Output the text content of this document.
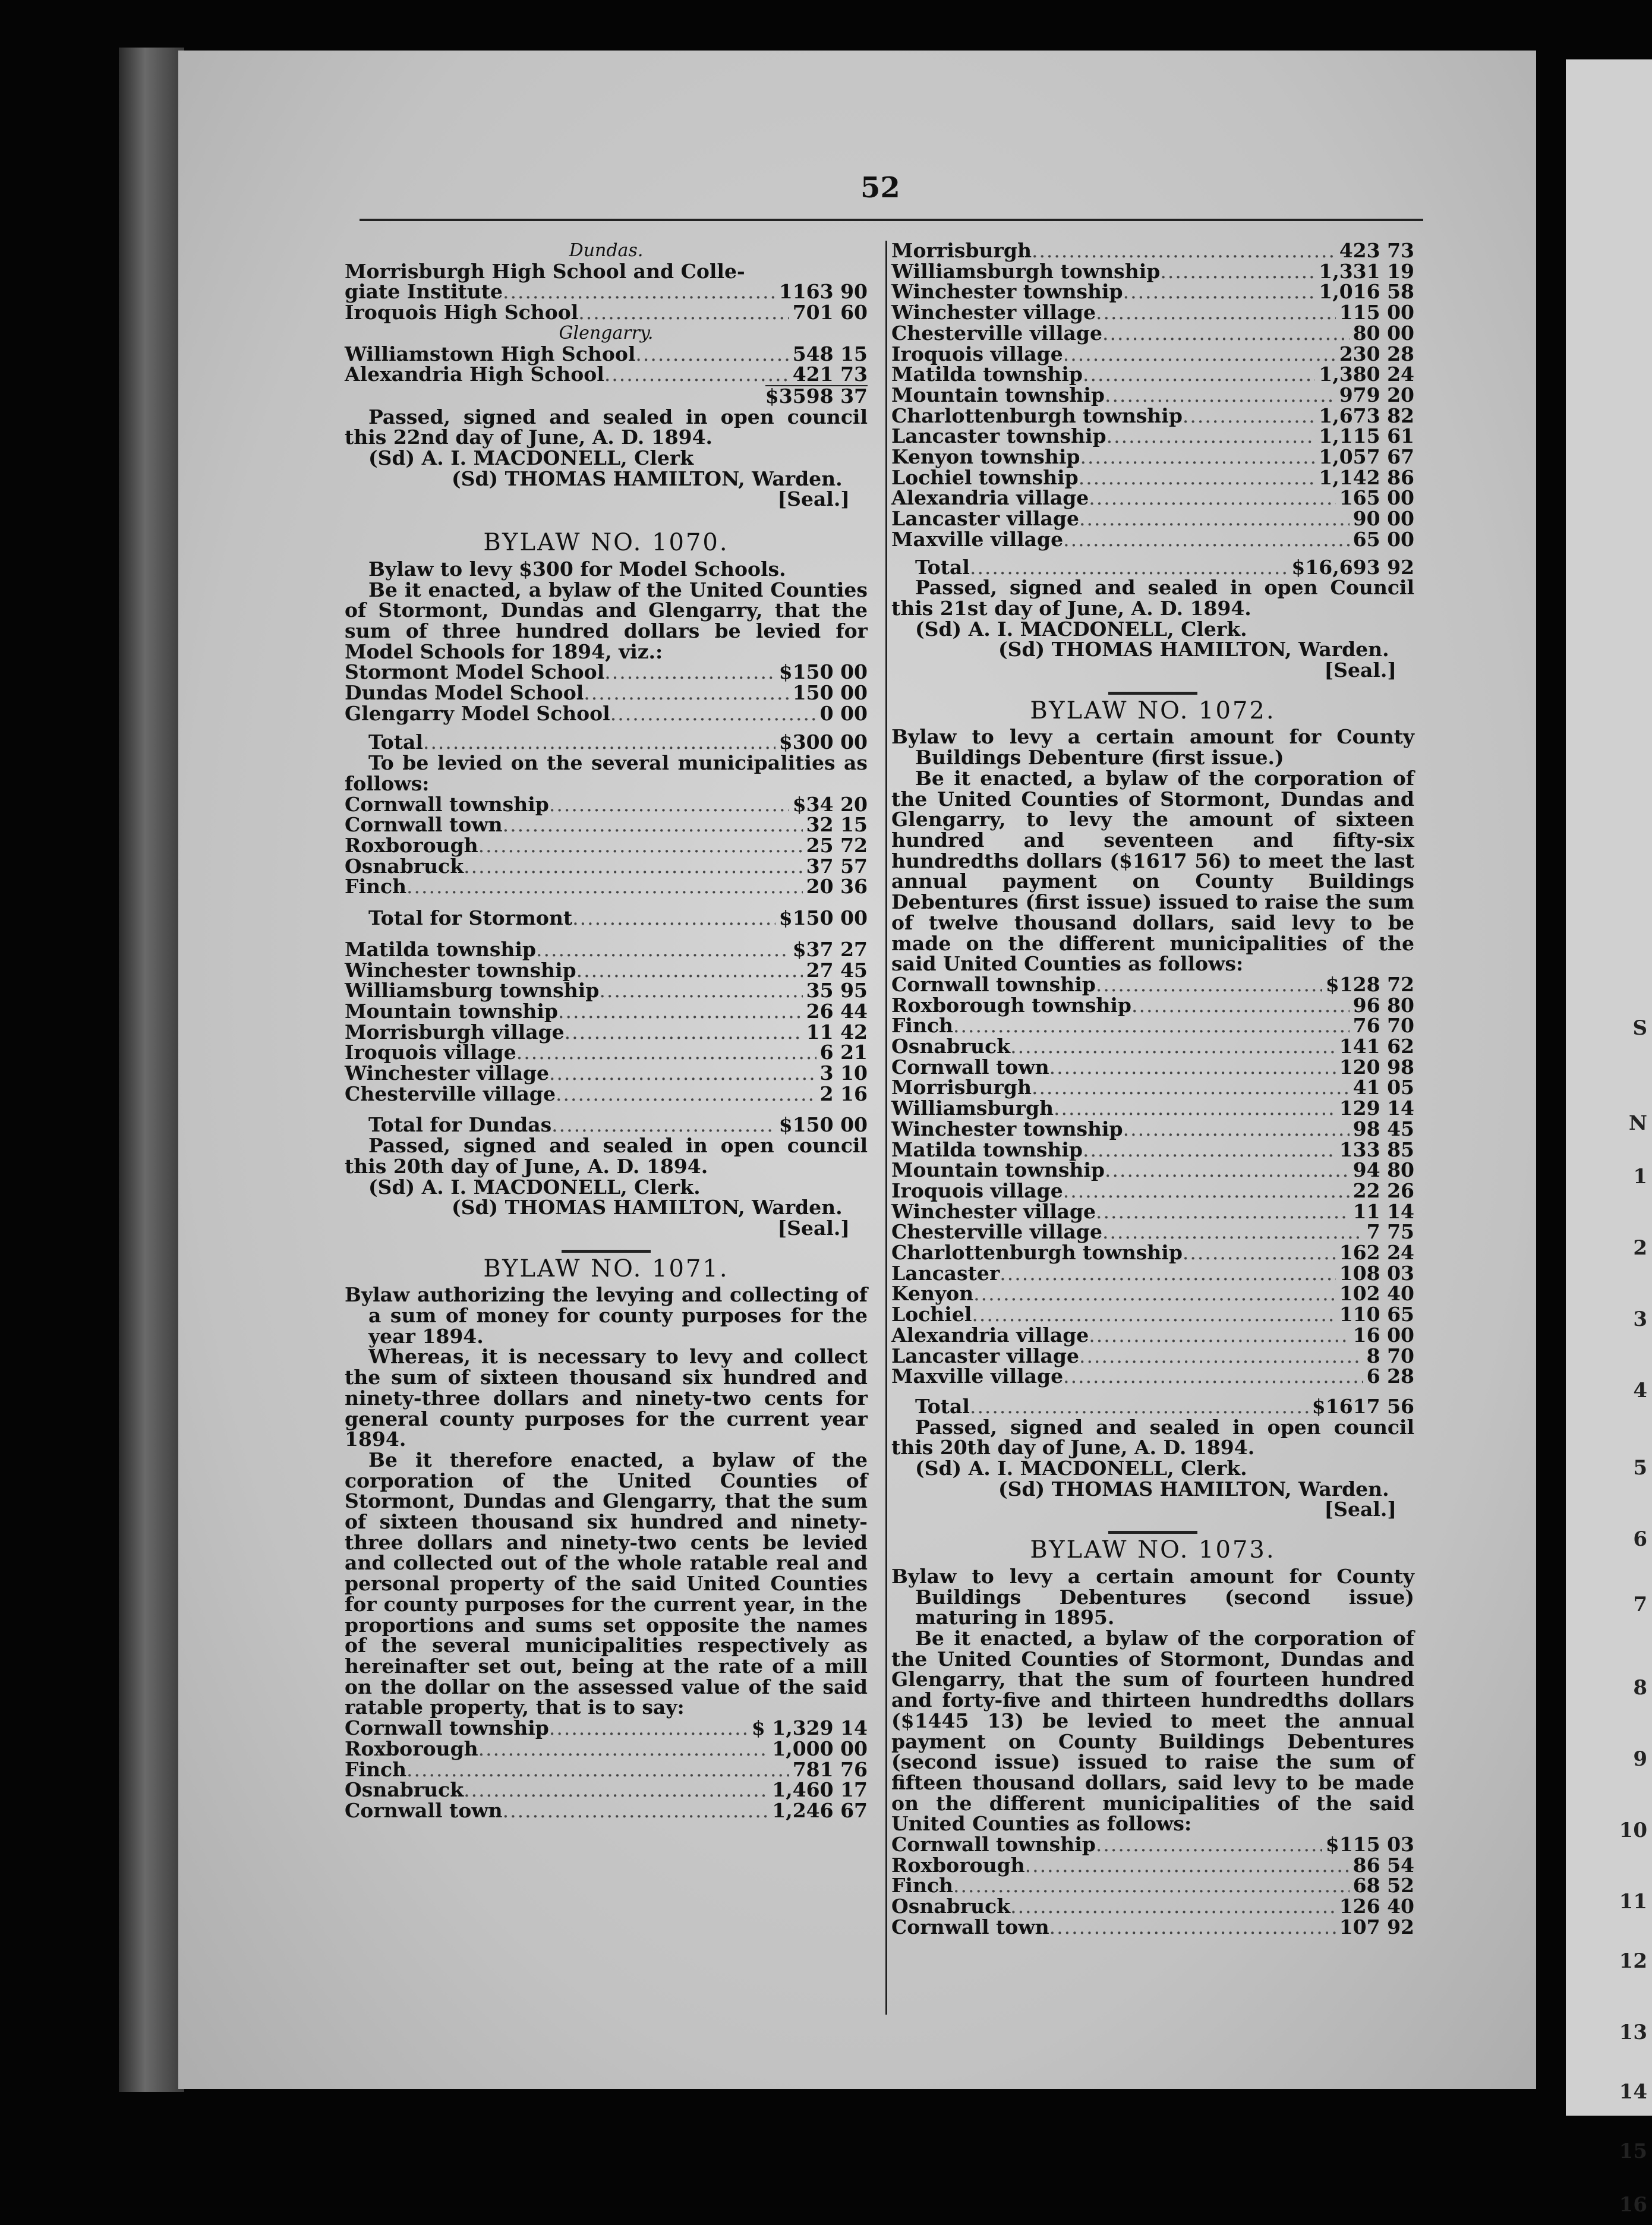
S
N
1
2
3
4
5
6
7
8
9
10
11
12
13
14
15
16
52
Dundas.
Morrisburgh High School and Colle-
giate Institute .....	1163 90
Iroquois High School .....	701 60
Glengarry.
Williamstown High School .....	548 15
Alexandria High School .....	421 73
$3598 37
Passed, signed and sealed in open council this 22nd day of June, A. D. 1894.
(Sd) A. I. MACDONELL, Clerk
(Sd) THOMAS HAMILTON, Warden.
[Seal.]
BYLAW NO. 1070.
Bylaw to levy $300 for Model Schools.
Be it enacted, a bylaw of the United Counties of Stormont, Dundas and Glengarry, that the sum of three hundred dollars be levied for Model Schools for 1894, viz.:
Stormont Model School .....	$150 00
Dundas Model School .....	150 00
Glengarry Model School .....	0 00
Total .....	$300 00
To be levied on the several municipalities as follows:
Cornwall township .....	$34 20
Cornwall town .....	32 15
Roxborough .....	25 72
Osnabruck .....	37 57
Finch .....	20 36
Total for Stormont .....	$150 00
Matilda township .....	$37 27
Winchester township .....	27 45
Williamsburg township .....	35 95
Mountain township .....	26 44
Morrisburgh village .....	11 42
Iroquois village .....	6 21
Winchester village .....	3 10
Chesterville village .....	2 16
Total for Dundas .....	$150 00
Passed, signed and sealed in open council this 20th day of June, A. D. 1894.
(Sd) A. I. MACDONELL, Clerk.
(Sd) THOMAS HAMILTON, Warden.
[Seal.]
BYLAW NO. 1071.
Bylaw authorizing the levying and collecting of a sum of money for county purposes for the year 1894.
Whereas, it is necessary to levy and collect the sum of sixteen thousand six hundred and ninety-three dollars and ninety-two cents for general county purposes for the current year 1894.
Be it therefore enacted, a bylaw of the corporation of the United Counties of Stormont, Dundas and Glengarry, that the sum of sixteen thousand six hundred and ninety-three dollars and ninety-two cents be levied and collected out of the whole ratable real and personal property of the said United Counties for county purposes for the current year, in the proportions and sums set opposite the names of the several municipalities respectively as hereinafter set out, being at the rate of a mill on the dollar on the assessed value of the said ratable property, that is to say:
Cornwall township .....	$ 1,329 14
Roxborough .....	1,000 00
Finch .....	781 76
Osnabruck .....	1,460 17
Cornwall town .....	1,246 67
Morrisburgh .....	423 73
Williamsburgh township .....	1,331 19
Winchester township .....	1,016 58
Winchester village .....	115 00
Chesterville village .....	80 00
Iroquois village .....	230 28
Matilda township .....	1,380 24
Mountain township .....	979 20
Charlottenburgh township .....	1,673 82
Lancaster township .....	1,115 61
Kenyon township .....	1,057 67
Lochiel township .....	1,142 86
Alexandria village .....	165 00
Lancaster village .....	90 00
Maxville village .....	65 00
Total .....	$16,693 92
Passed, signed and sealed in open Council this 21st day of June, A. D. 1894.
(Sd) A. I. MACDONELL, Clerk.
(Sd) THOMAS HAMILTON, Warden.
[Seal.]
BYLAW NO. 1072.
Bylaw to levy a certain amount for County Buildings Debenture (first issue.)
Be it enacted, a bylaw of the corporation of the United Counties of Stormont, Dundas and Glengarry, to levy the amount of sixteen hundred and seventeen and fifty-six hundredths dollars ($1617 56) to meet the last annual payment on County Buildings Debentures (first issue) issued to raise the sum of twelve thousand dollars, said levy to be made on the different municipalities of the said United Counties as follows:
Cornwall township .....	$128 72
Roxborough township .....	96 80
Finch .....	76 70
Osnabruck .....	141 62
Cornwall town .....	120 98
Morrisburgh .....	41 05
Williamsburgh .....	129 14
Winchester township .....	98 45
Matilda township .....	133 85
Mountain township .....	94 80
Iroquois village .....	22 26
Winchester village .....	11 14
Chesterville village .....	7 75
Charlottenburgh township .....	162 24
Lancaster .....	108 03
Kenyon .....	102 40
Lochiel .....	110 65
Alexandria village .....	16 00
Lancaster village .....	8 70
Maxville village .....	6 28
Total .....	$1617 56
Passed, signed and sealed in open council this 20th day of June, A. D. 1894.
(Sd) A. I. MACDONELL, Clerk.
(Sd) THOMAS HAMILTON, Warden.
[Seal.]
BYLAW NO. 1073.
Bylaw to levy a certain amount for County Buildings Debentures (second issue) maturing in 1895.
Be it enacted, a bylaw of the corporation of the United Counties of Stormont, Dundas and Glengarry, that the sum of fourteen hundred and forty-five and thirteen hundredths dollars ($1445 13) be levied to meet the annual payment on County Buildings Debentures (second issue) issued to raise the sum of fifteen thousand dollars, said levy to be made on the different municipalities of the said United Counties as follows:
Cornwall township .....	$115 03
Roxborough .....	86 54
Finch .....	68 52
Osnabruck .....	126 40
Cornwall town .....	107 92
